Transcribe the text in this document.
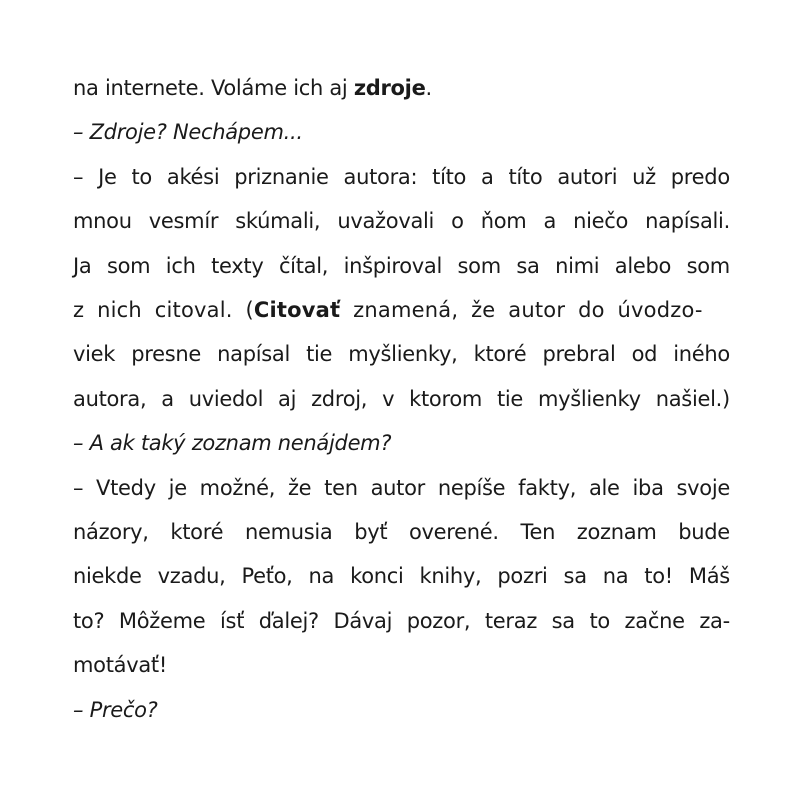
na internete. Voláme ich aj zdroje.
– Zdroje? Nechápem...
– Je to akési priznanie autora: títo a títo autori už predo
mnou vesmír skúmali, uvažovali o ňom a niečo napísali.
Ja som ich texty čítal, inšpiroval som sa nimi alebo som
z nich citoval. (Citovať znamená, že autor do úvodzo-
viek presne napísal tie myšlienky, ktoré prebral od iného
autora, a uviedol aj zdroj, v ktorom tie myšlienky našiel.)
– A ak taký zoznam nenájdem?
– Vtedy je možné, že ten autor nepíše fakty, ale iba svoje
názory, ktoré nemusia byť overené. Ten zoznam bude
niekde vzadu, Peťo, na konci knihy, pozri sa na to! Máš
to? Môžeme ísť ďalej? Dávaj pozor, teraz sa to začne za-
motávať!
– Prečo?
